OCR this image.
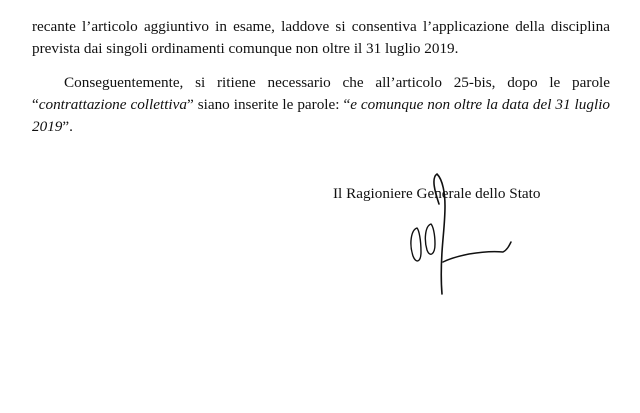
recante l’articolo aggiuntivo in esame, laddove si consentiva l’applicazione della disciplina prevista dai singoli ordinamenti comunque non oltre il 31 luglio 2019.

Conseguentemente, si ritiene necessario che all’articolo 25-bis, dopo le parole “contrattazione collettiva” siano inserite le parole: “e comunque non oltre la data del 31 luglio 2019”.

Il Ragioniere Generale dello Stato
